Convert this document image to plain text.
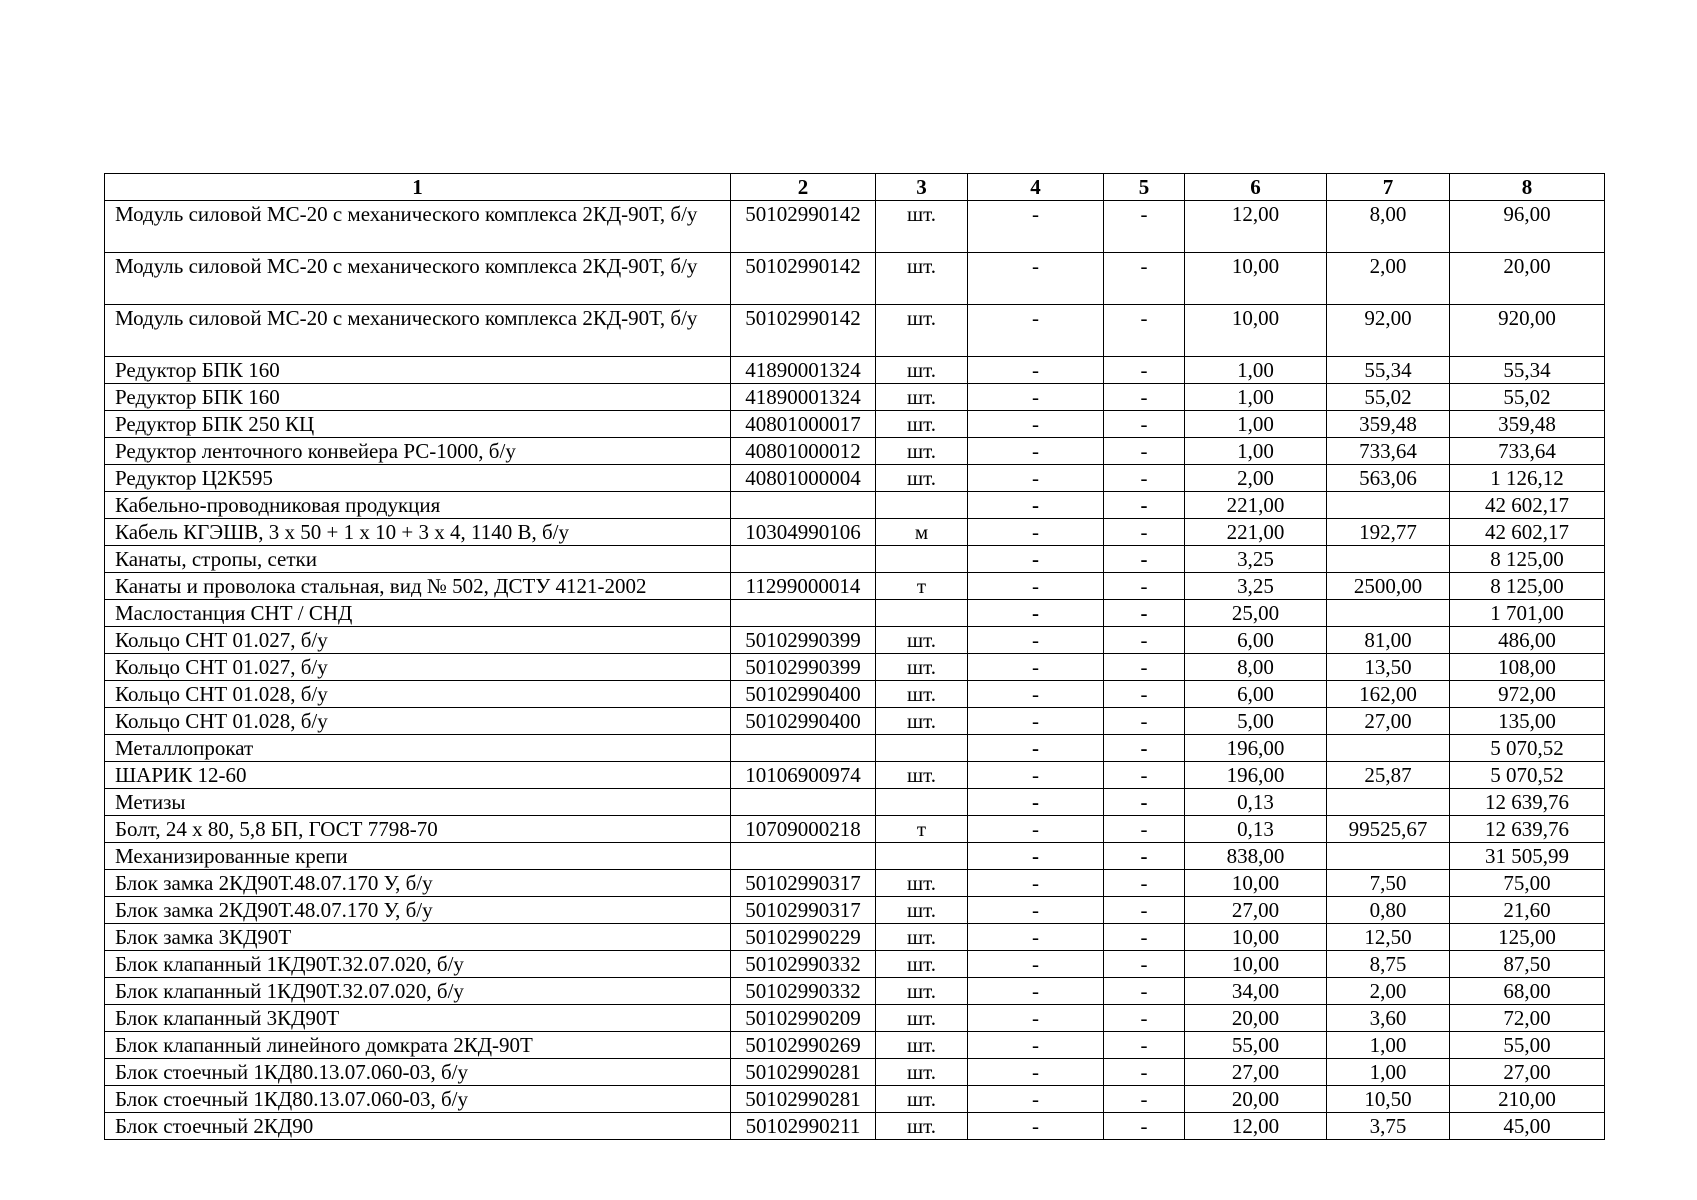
1	2	3	4	5	6	7	8
Модуль силовой МС-20 с механического комплекса 2КД-90Т, б/у	50102990142	шт.	-	-	12,00	8,00	96,00
Модуль силовой МС-20 с механического комплекса 2КД-90Т, б/у	50102990142	шт.	-	-	10,00	2,00	20,00
Модуль силовой МС-20 с механического комплекса 2КД-90Т, б/у	50102990142	шт.	-	-	10,00	92,00	920,00
Редуктор БПК 160	41890001324	шт.	-	-	1,00	55,34	55,34
Редуктор БПК 160	41890001324	шт.	-	-	1,00	55,02	55,02
Редуктор БПК 250 КЦ	40801000017	шт.	-	-	1,00	359,48	359,48
Редуктор ленточного конвейера РС-1000, б/у	40801000012	шт.	-	-	1,00	733,64	733,64
Редуктор Ц2К595	40801000004	шт.	-	-	2,00	563,06	1 126,12
Кабельно-проводниковая продукция			-	-	221,00		42 602,17
Кабель КГЭШВ, 3 х 50 + 1 х 10 + 3 х 4, 1140 В, б/у	10304990106	м	-	-	221,00	192,77	42 602,17
Канаты, стропы, сетки			-	-	3,25		8 125,00
Канаты и проволока стальная, вид № 502, ДСТУ 4121-2002	11299000014	т	-	-	3,25	2500,00	8 125,00
Маслостанция СНТ / СНД			-	-	25,00		1 701,00
Кольцо СНТ 01.027, б/у	50102990399	шт.	-	-	6,00	81,00	486,00
Кольцо СНТ 01.027, б/у	50102990399	шт.	-	-	8,00	13,50	108,00
Кольцо СНТ 01.028, б/у	50102990400	шт.	-	-	6,00	162,00	972,00
Кольцо СНТ 01.028, б/у	50102990400	шт.	-	-	5,00	27,00	135,00
Металлопрокат			-	-	196,00		5 070,52
ШАРИК 12-60	10106900974	шт.	-	-	196,00	25,87	5 070,52
Метизы			-	-	0,13		12 639,76
Болт, 24 х 80, 5,8 БП, ГОСТ 7798-70	10709000218	т	-	-	0,13	99525,67	12 639,76
Механизированные крепи			-	-	838,00		31 505,99
Блок замка 2КД90Т.48.07.170 У, б/у	50102990317	шт.	-	-	10,00	7,50	75,00
Блок замка 2КД90Т.48.07.170 У, б/у	50102990317	шт.	-	-	27,00	0,80	21,60
Блок замка 3КД90Т	50102990229	шт.	-	-	10,00	12,50	125,00
Блок клапанный 1КД90Т.32.07.020, б/у	50102990332	шт.	-	-	10,00	8,75	87,50
Блок клапанный 1КД90Т.32.07.020, б/у	50102990332	шт.	-	-	34,00	2,00	68,00
Блок клапанный 3КД90Т	50102990209	шт.	-	-	20,00	3,60	72,00
Блок клапанный линейного домкрата 2КД-90Т	50102990269	шт.	-	-	55,00	1,00	55,00
Блок стоечный 1КД80.13.07.060-03, б/у	50102990281	шт.	-	-	27,00	1,00	27,00
Блок стоечный 1КД80.13.07.060-03, б/у	50102990281	шт.	-	-	20,00	10,50	210,00
Блок стоечный 2КД90	50102990211	шт.	-	-	12,00	3,75	45,00
